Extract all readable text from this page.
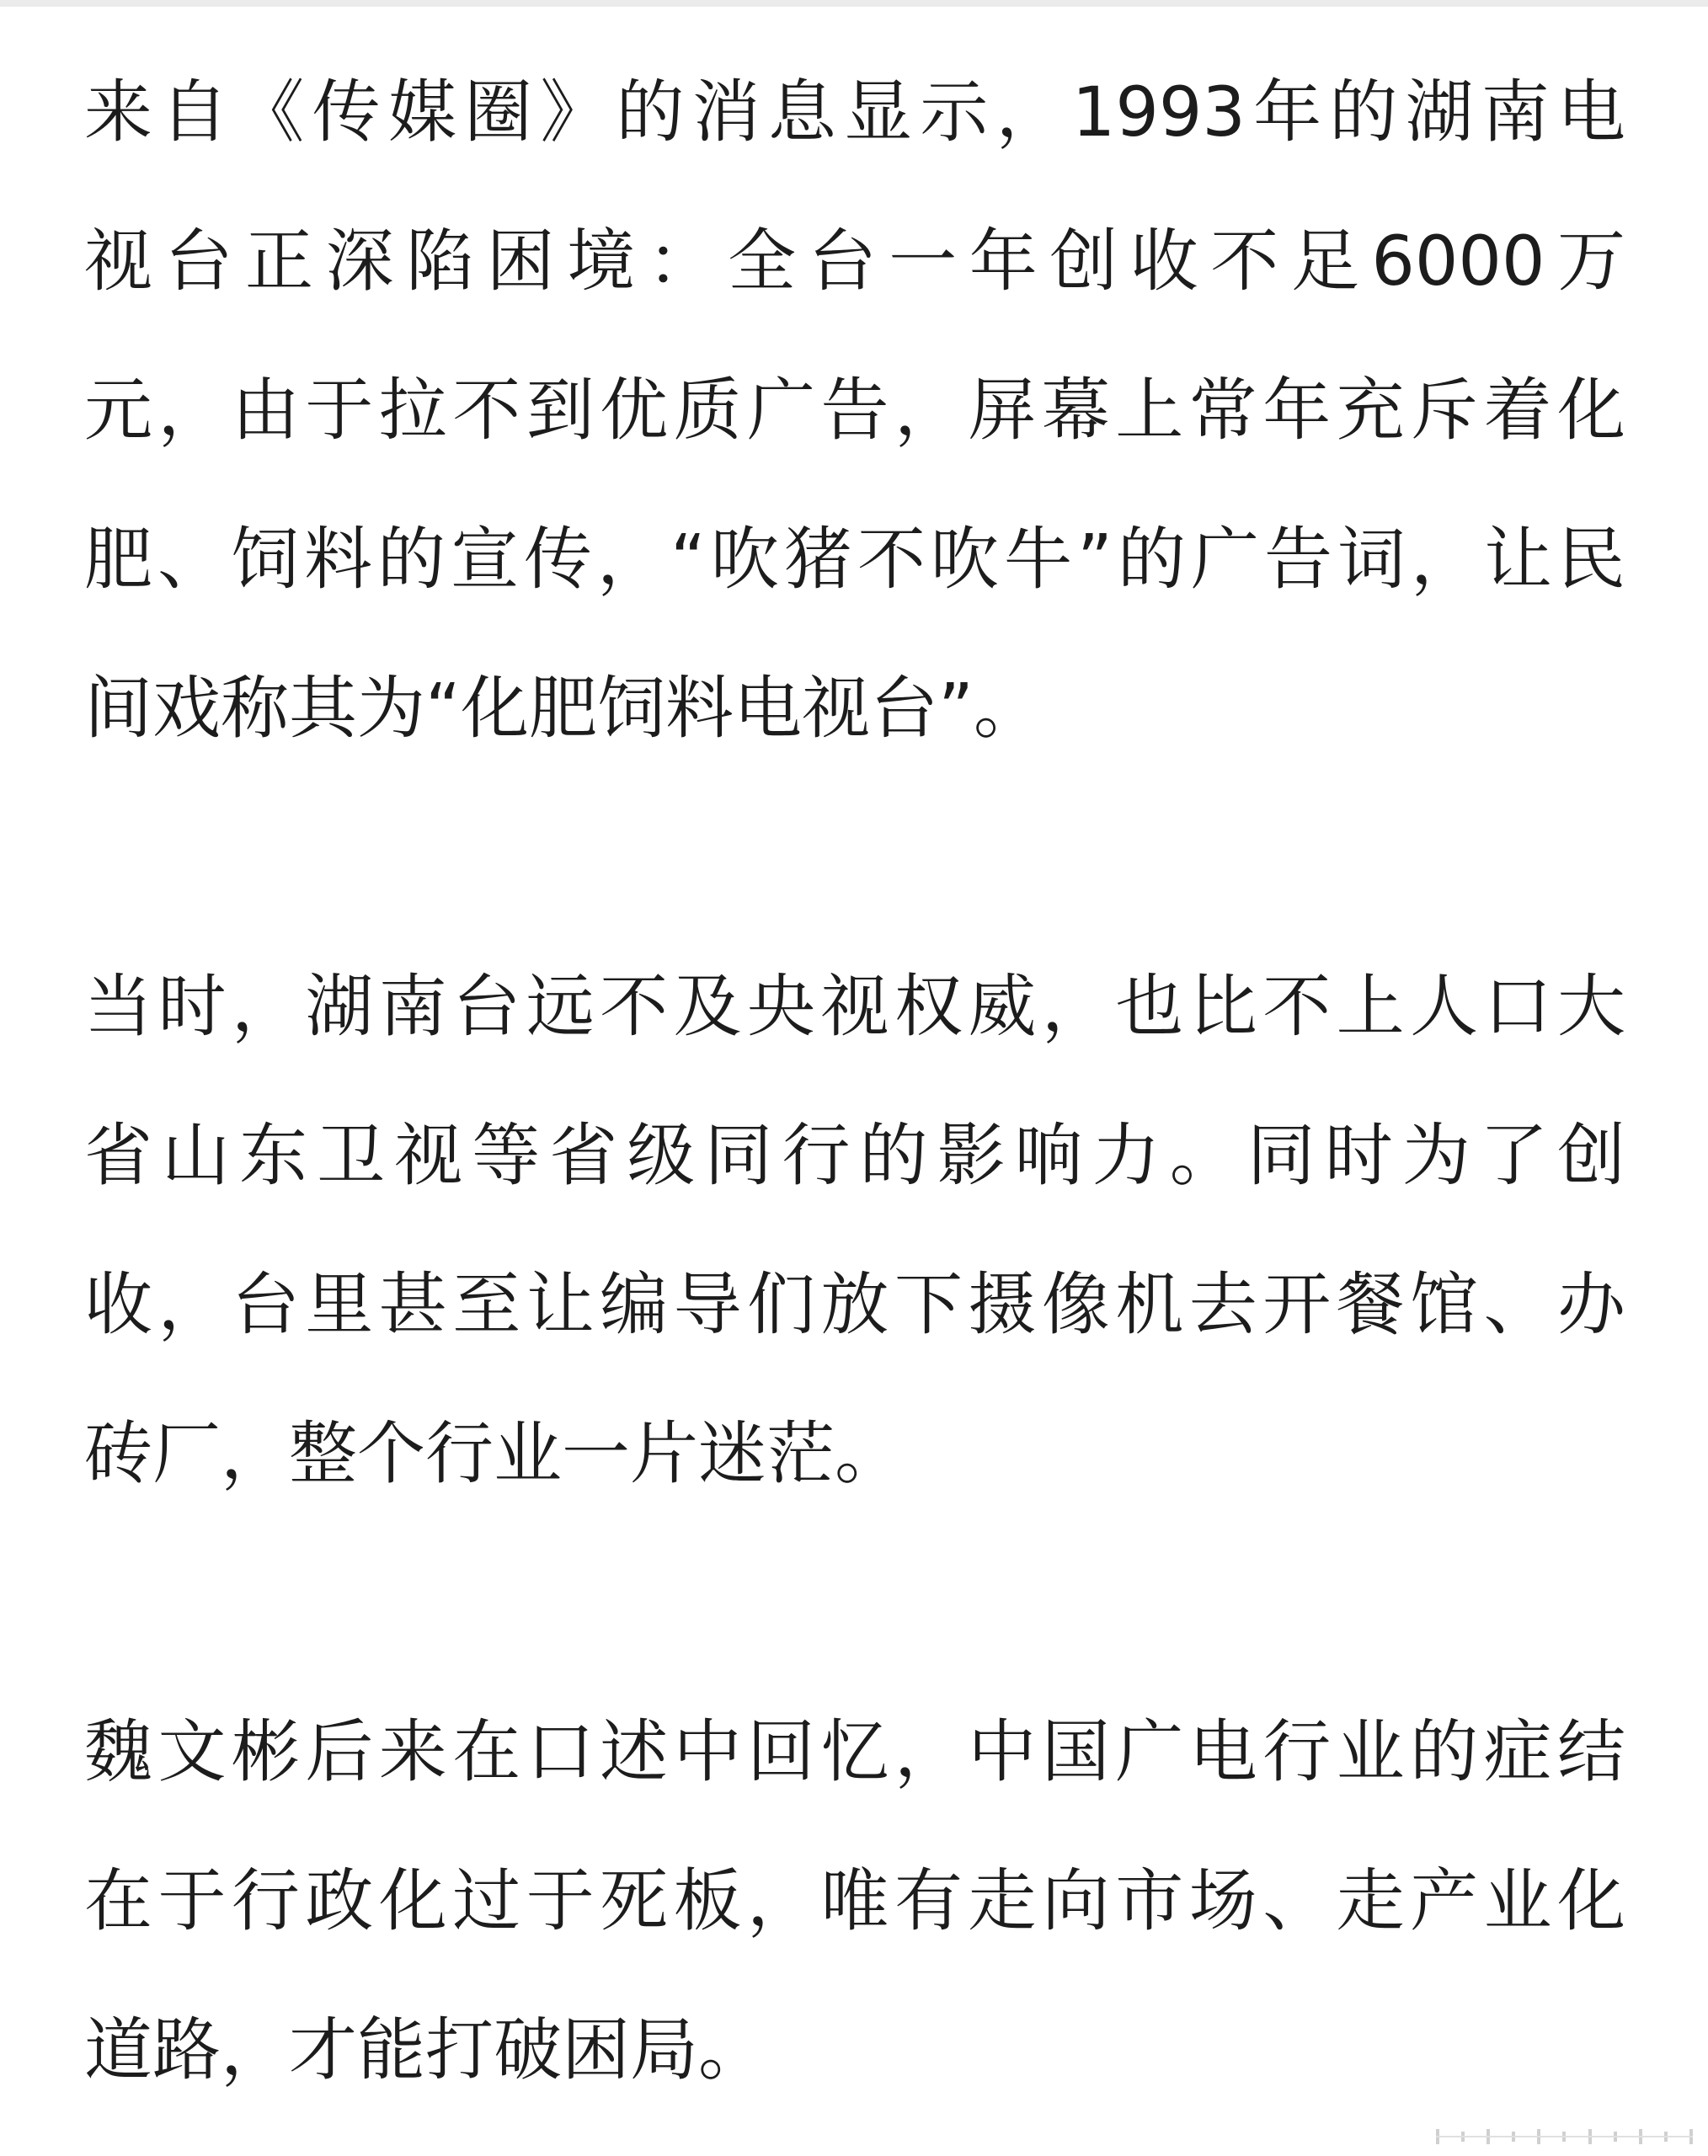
来自《传媒圈》的消息显示，1993年的湖南电
视台正深陷困境：全台一年创收不足6000万
元，由于拉不到优质广告，屏幕上常年充斥着化
肥、饲料的宣传，“吹猪不吹牛”的广告词，让民
间戏称其为“化肥饲料电视台”。
当时，湖南台远不及央视权威，也比不上人口大
省山东卫视等省级同行的影响力。同时为了创
收，台里甚至让编导们放下摄像机去开餐馆、办
砖厂，整个行业一片迷茫。
魏文彬后来在口述中回忆，中国广电行业的症结
在于行政化过于死板，唯有走向市场、走产业化
道路，才能打破困局。
